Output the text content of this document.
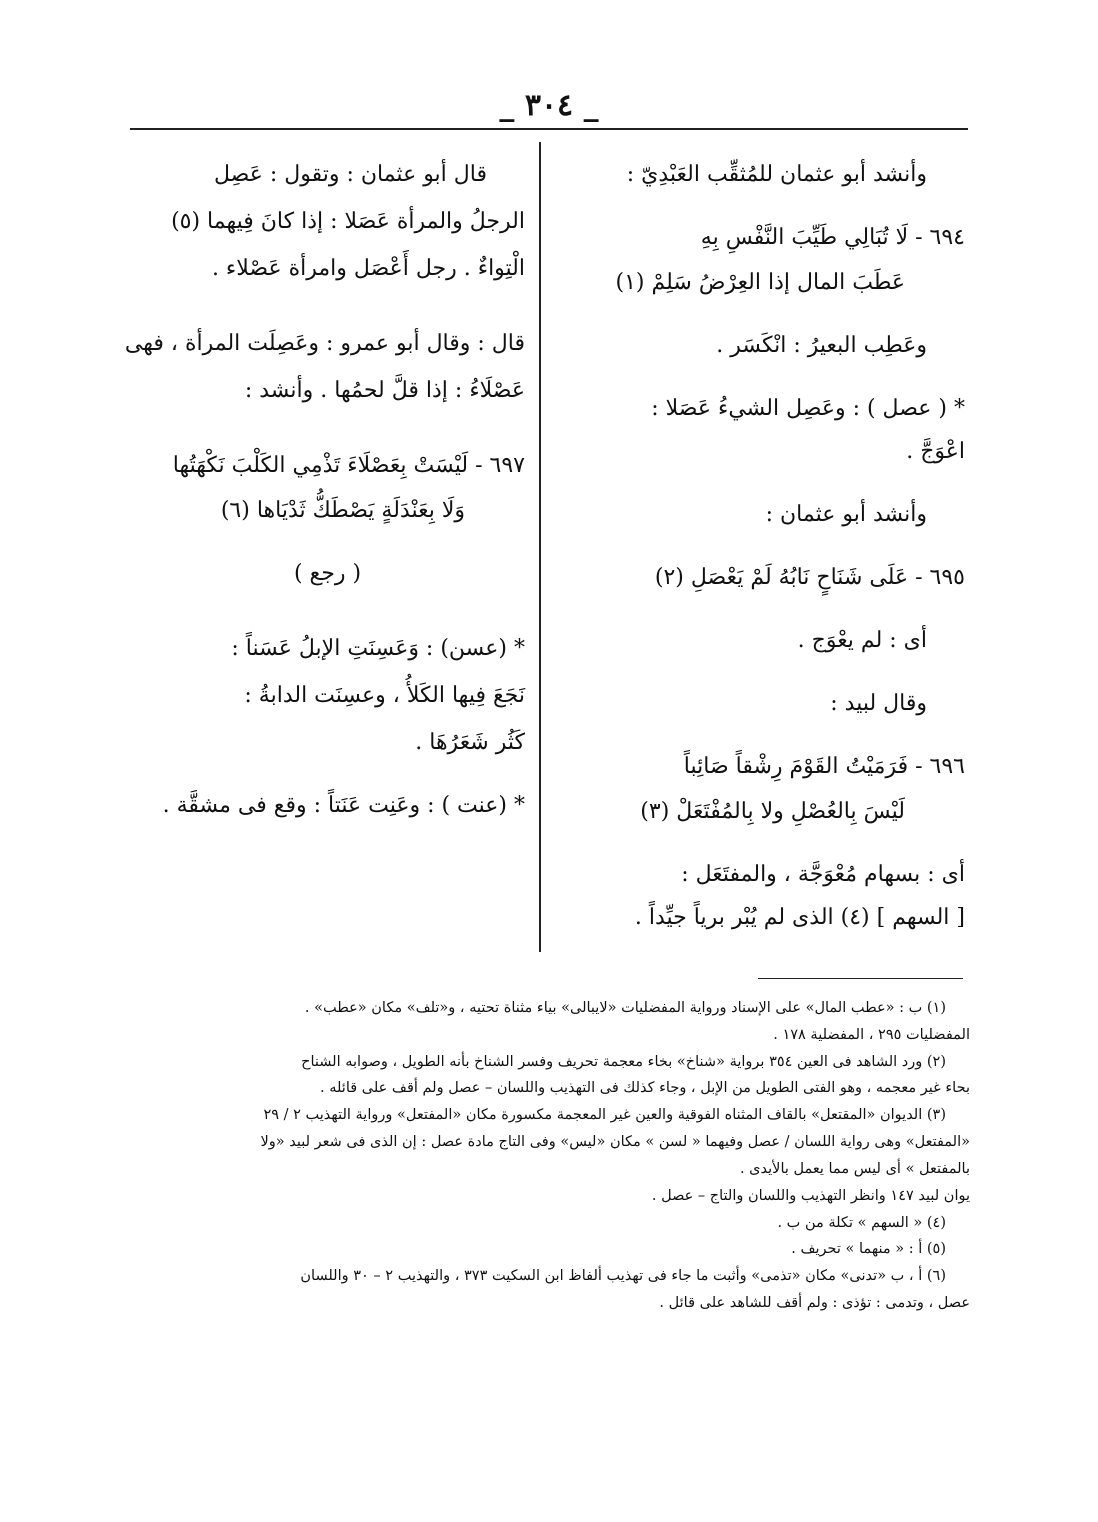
_ ٣٠٤ _

وأنشد أبو عثمان للمُثقِّب العَبْدِيّ :

٦٩٤ - لَا تُبَالِي طَيِّبَ النَّفْسِ بِهِ

عَطَبَ المال إذا العِرْضُ سَلِمْ (١)

وعَطِب البعيرُ : انْكَسَر .

* ( عصل ) : وعَصِل الشيءُ عَصَلا :

اعْوَجَّ .

وأنشد أبو عثمان :

٦٩٥ - عَلَى شَنَاحٍ نَابُهُ لَمْ يَعْصَلِ (٢)

أى : لم يعْوَج .

وقال لبيد :

٦٩٦ - فَرَمَيْتُ القَوْمَ رِشْقاً صَائِباً

لَيْسَ بِالعُصْلِ ولا بِالمُفْتَعَلْ (٣)

أى : بسهام مُعْوَجَّة ، والمفتَعَل :

[ السهم ] (٤) الذى لم يُبْر برياً جيِّداً .

قال أبو عثمان : وتقول : عَصِل

الرجلُ والمرأة عَصَلا : إذا كانَ فِيهما (٥)

الْتِواءٌ . رجل أَعْصَل وامرأة عَصْلاء .

قال : وقال أبو عمرو : وعَصِلَت المرأة ، فهى

عَصْلَاءُ : إذا قلَّ لحمُها . وأنشد :

٦٩٧ - لَيْسَتْ بِعَصْلَاءَ تَذْمِي الكَلْبَ نَكْهَتُها

وَلَا بِعَنْدَلَةٍ يَصْطَكُّ ثَدْيَاها (٦)

( رجع )

* (عسن) : وَعَسِنَتِ الإبلُ عَسَناً :

نَجَعَ فِيها الكَلأُ ، وعسِنَت الدابةُ :

كَثُر شَعَرُهَا .

* (عنت ) : وعَنِت عَنَتاً : وقع فى مشقَّة .

(١) ب : «عطب المال» على الإسناد ورواية المفضليات «لايبالى» بياء مثناة تحتيه ، و«تلف» مكان «عطب» .

المفضليات ٢٩٥ ، المفضلية ١٧٨ .

(٢) ورد الشاهد فى العين ٣٥٤ برواية «شناخ» بخاء معجمة تحريف وفسر الشناخ بأنه الطويل ، وصوابه الشناح

بحاء غير معجمه ، وهو الفتى الطويل من الإبل ، وجاء كذلك فى التهذيب واللسان – عصل ولم أقف على قائله .

(٣) الديوان «المقتعل» بالقاف المثناه الفوقية والعين غير المعجمة مكسورة مكان «المفتعل» ورواية التهذيب ٢ / ٢٩

«المفتعل» وهى رواية اللسان / عصل وفيهما « لسن » مكان «ليس» وفى التاج مادة عصل : إن الذى فى شعر لبيد «ولا

بالمفتعل » أى ليس مما يعمل بالأيدى .

يوان لبيد ١٤٧ وانظر التهذيب واللسان والتاج – عصل .

(٤) « السهم » تكلة من ب .

(٥) أ : « منهما » تحريف .

(٦) أ ، ب «تدنى» مكان «تذمى» وأثبت ما جاء فى تهذيب ألفاظ ابن السكيت ٣٧٣ ، والتهذيب ٢ – ٣٠ واللسان

عصل ، وتدمى : تؤذى : ولم أقف للشاهد على قائل .
